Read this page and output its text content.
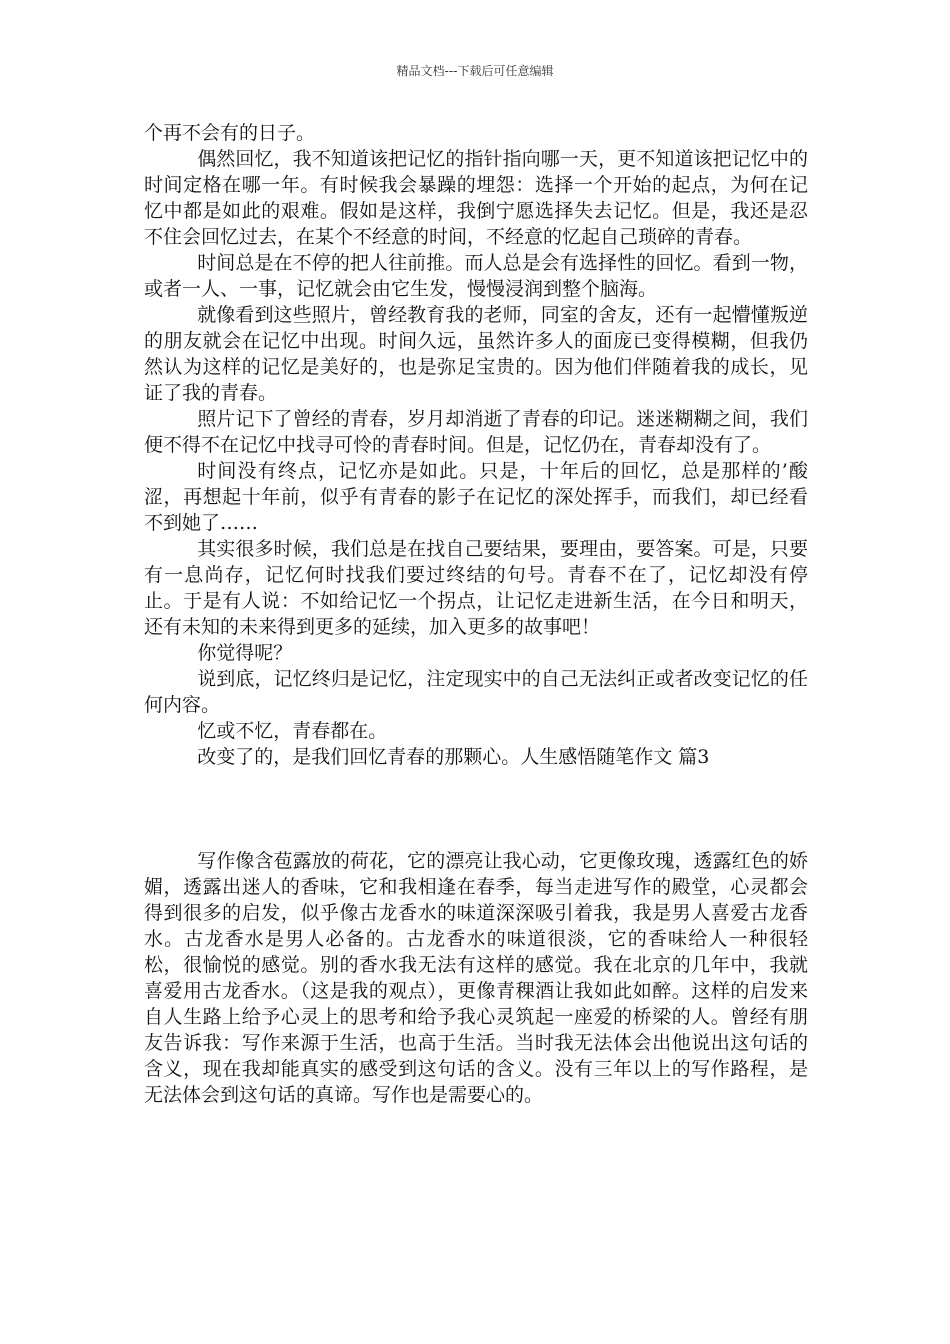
精品文档---下载后可任意编辑

个再不会有的日子。

偶然回忆，我不知道该把记忆的指针指向哪一天，更不知道该把记忆中的时间定格在哪一年。有时候我会暴躁的埋怨：选择一个开始的起点，为何在记忆中都是如此的艰难。假如是这样，我倒宁愿选择失去记忆。但是，我还是忍不住会回忆过去，在某个不经意的时间，不经意的忆起自己琐碎的青春。

时间总是在不停的把人往前推。而人总是会有选择性的回忆。看到一物，或者一人、一事，记忆就会由它生发，慢慢浸润到整个脑海。

就像看到这些照片，曾经教育我的老师，同室的舍友，还有一起懵懂叛逆的朋友就会在记忆中出现。时间久远，虽然许多人的面庞已变得模糊，但我仍然认为这样的记忆是美好的，也是弥足宝贵的。因为他们伴随着我的成长，见证了我的青春。

照片记下了曾经的青春，岁月却消逝了青春的印记。迷迷糊糊之间，我们便不得不在记忆中找寻可怜的青春时间。但是，记忆仍在，青春却没有了。

时间没有终点，记忆亦是如此。只是，十年后的回忆，总是那样的’酸涩，再想起十年前，似乎有青春的影子在记忆的深处挥手，而我们，却已经看不到她了……

其实很多时候，我们总是在找自己要结果，要理由，要答案。可是，只要有一息尚存，记忆何时找我们要过终结的句号。青春不在了，记忆却没有停止。于是有人说：不如给记忆一个拐点，让记忆走进新生活，在今日和明天，还有未知的未来得到更多的延续，加入更多的故事吧！

你觉得呢？

说到底，记忆终归是记忆，注定现实中的自己无法纠正或者改变记忆的任何内容。

忆或不忆，青春都在。

改变了的，是我们回忆青春的那颗心。人生感悟随笔作文 篇3

写作像含苞露放的荷花，它的漂亮让我心动，它更像玫瑰，透露红色的娇媚，透露出迷人的香味，它和我相逢在春季，每当走进写作的殿堂，心灵都会得到很多的启发，似乎像古龙香水的味道深深吸引着我，我是男人喜爱古龙香水。古龙香水是男人必备的。古龙香水的味道很淡，它的香味给人一种很轻松，很愉悦的感觉。别的香水我无法有这样的感觉。我在北京的几年中，我就喜爱用古龙香水。（这是我的观点），更像青稞酒让我如此如醉。这样的启发来自人生路上给予心灵上的思考和给予我心灵筑起一座爱的桥梁的人。曾经有朋友告诉我：写作来源于生活，也高于生活。当时我无法体会出他说出这句话的含义，现在我却能真实的感受到这句话的含义。没有三年以上的写作路程，是无法体会到这句话的真谛。写作也是需要心的。
